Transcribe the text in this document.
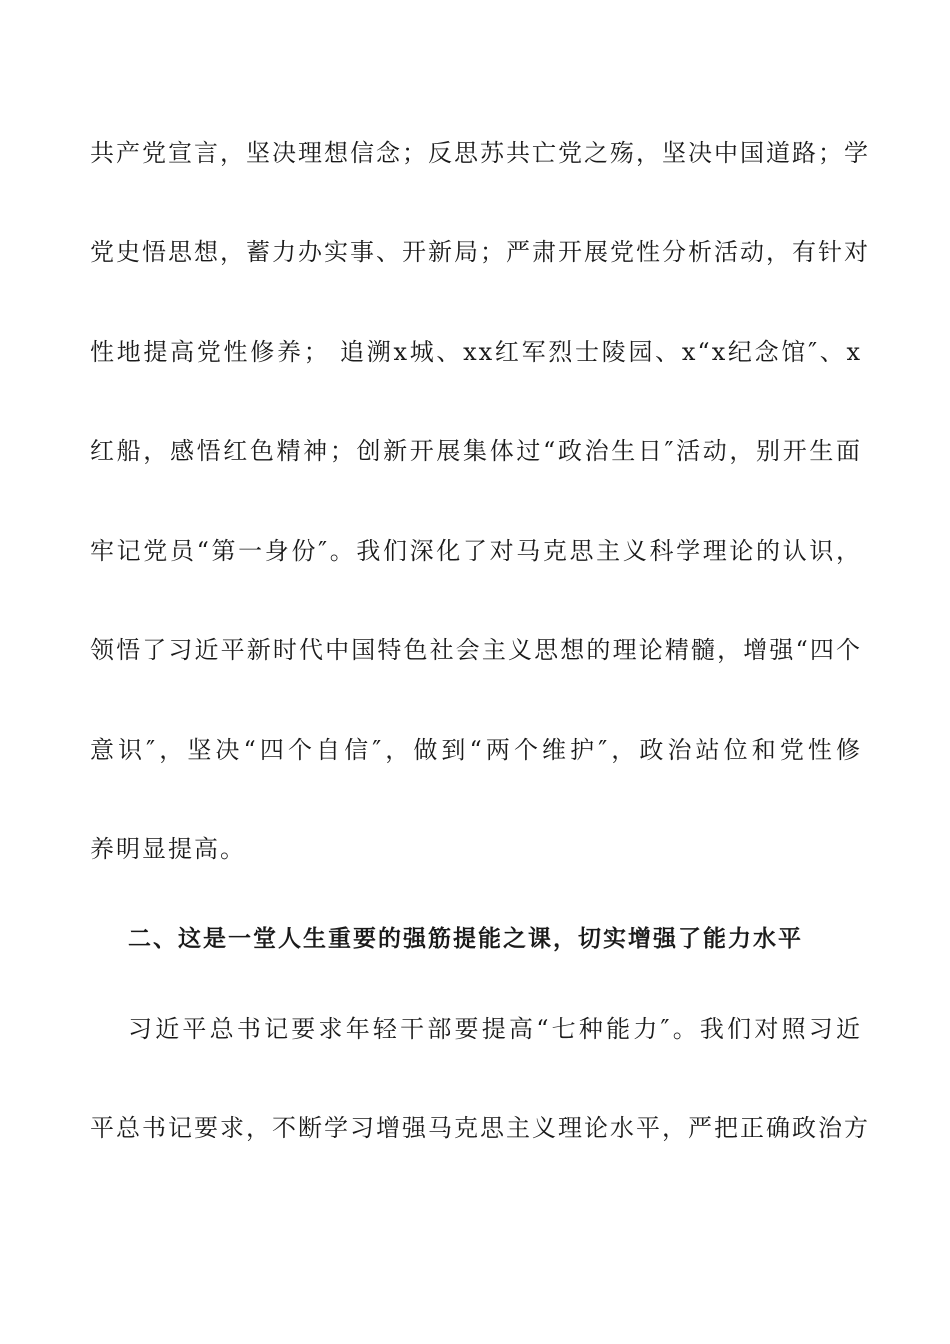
共产党宣言，坚决理想信念；反思苏共亡党之殇，坚决中国道路；学
党史悟思想，蓄力办实事、开新局；严肃开展党性分析活动，有针对
性地提高党性修养； 追溯x城、xx红军烈士陵园、x“x纪念馆″、x
红船，感悟红色精神；创新开展集体过“政治生日″活动，别开生面
牢记党员“第一身份″。我们深化了对马克思主义科学理论的认识，
领悟了习近平新时代中国特色社会主义思想的理论精髓，增强“四个
意识″，坚决“四个自信″，做到“两个维护″，政治站位和党性修
养明显提高。
二、这是一堂人生重要的强筋提能之课，切实增强了能力水平
习近平总书记要求年轻干部要提高“七种能力″。我们对照习近
平总书记要求，不断学习增强马克思主义理论水平，严把正确政治方
